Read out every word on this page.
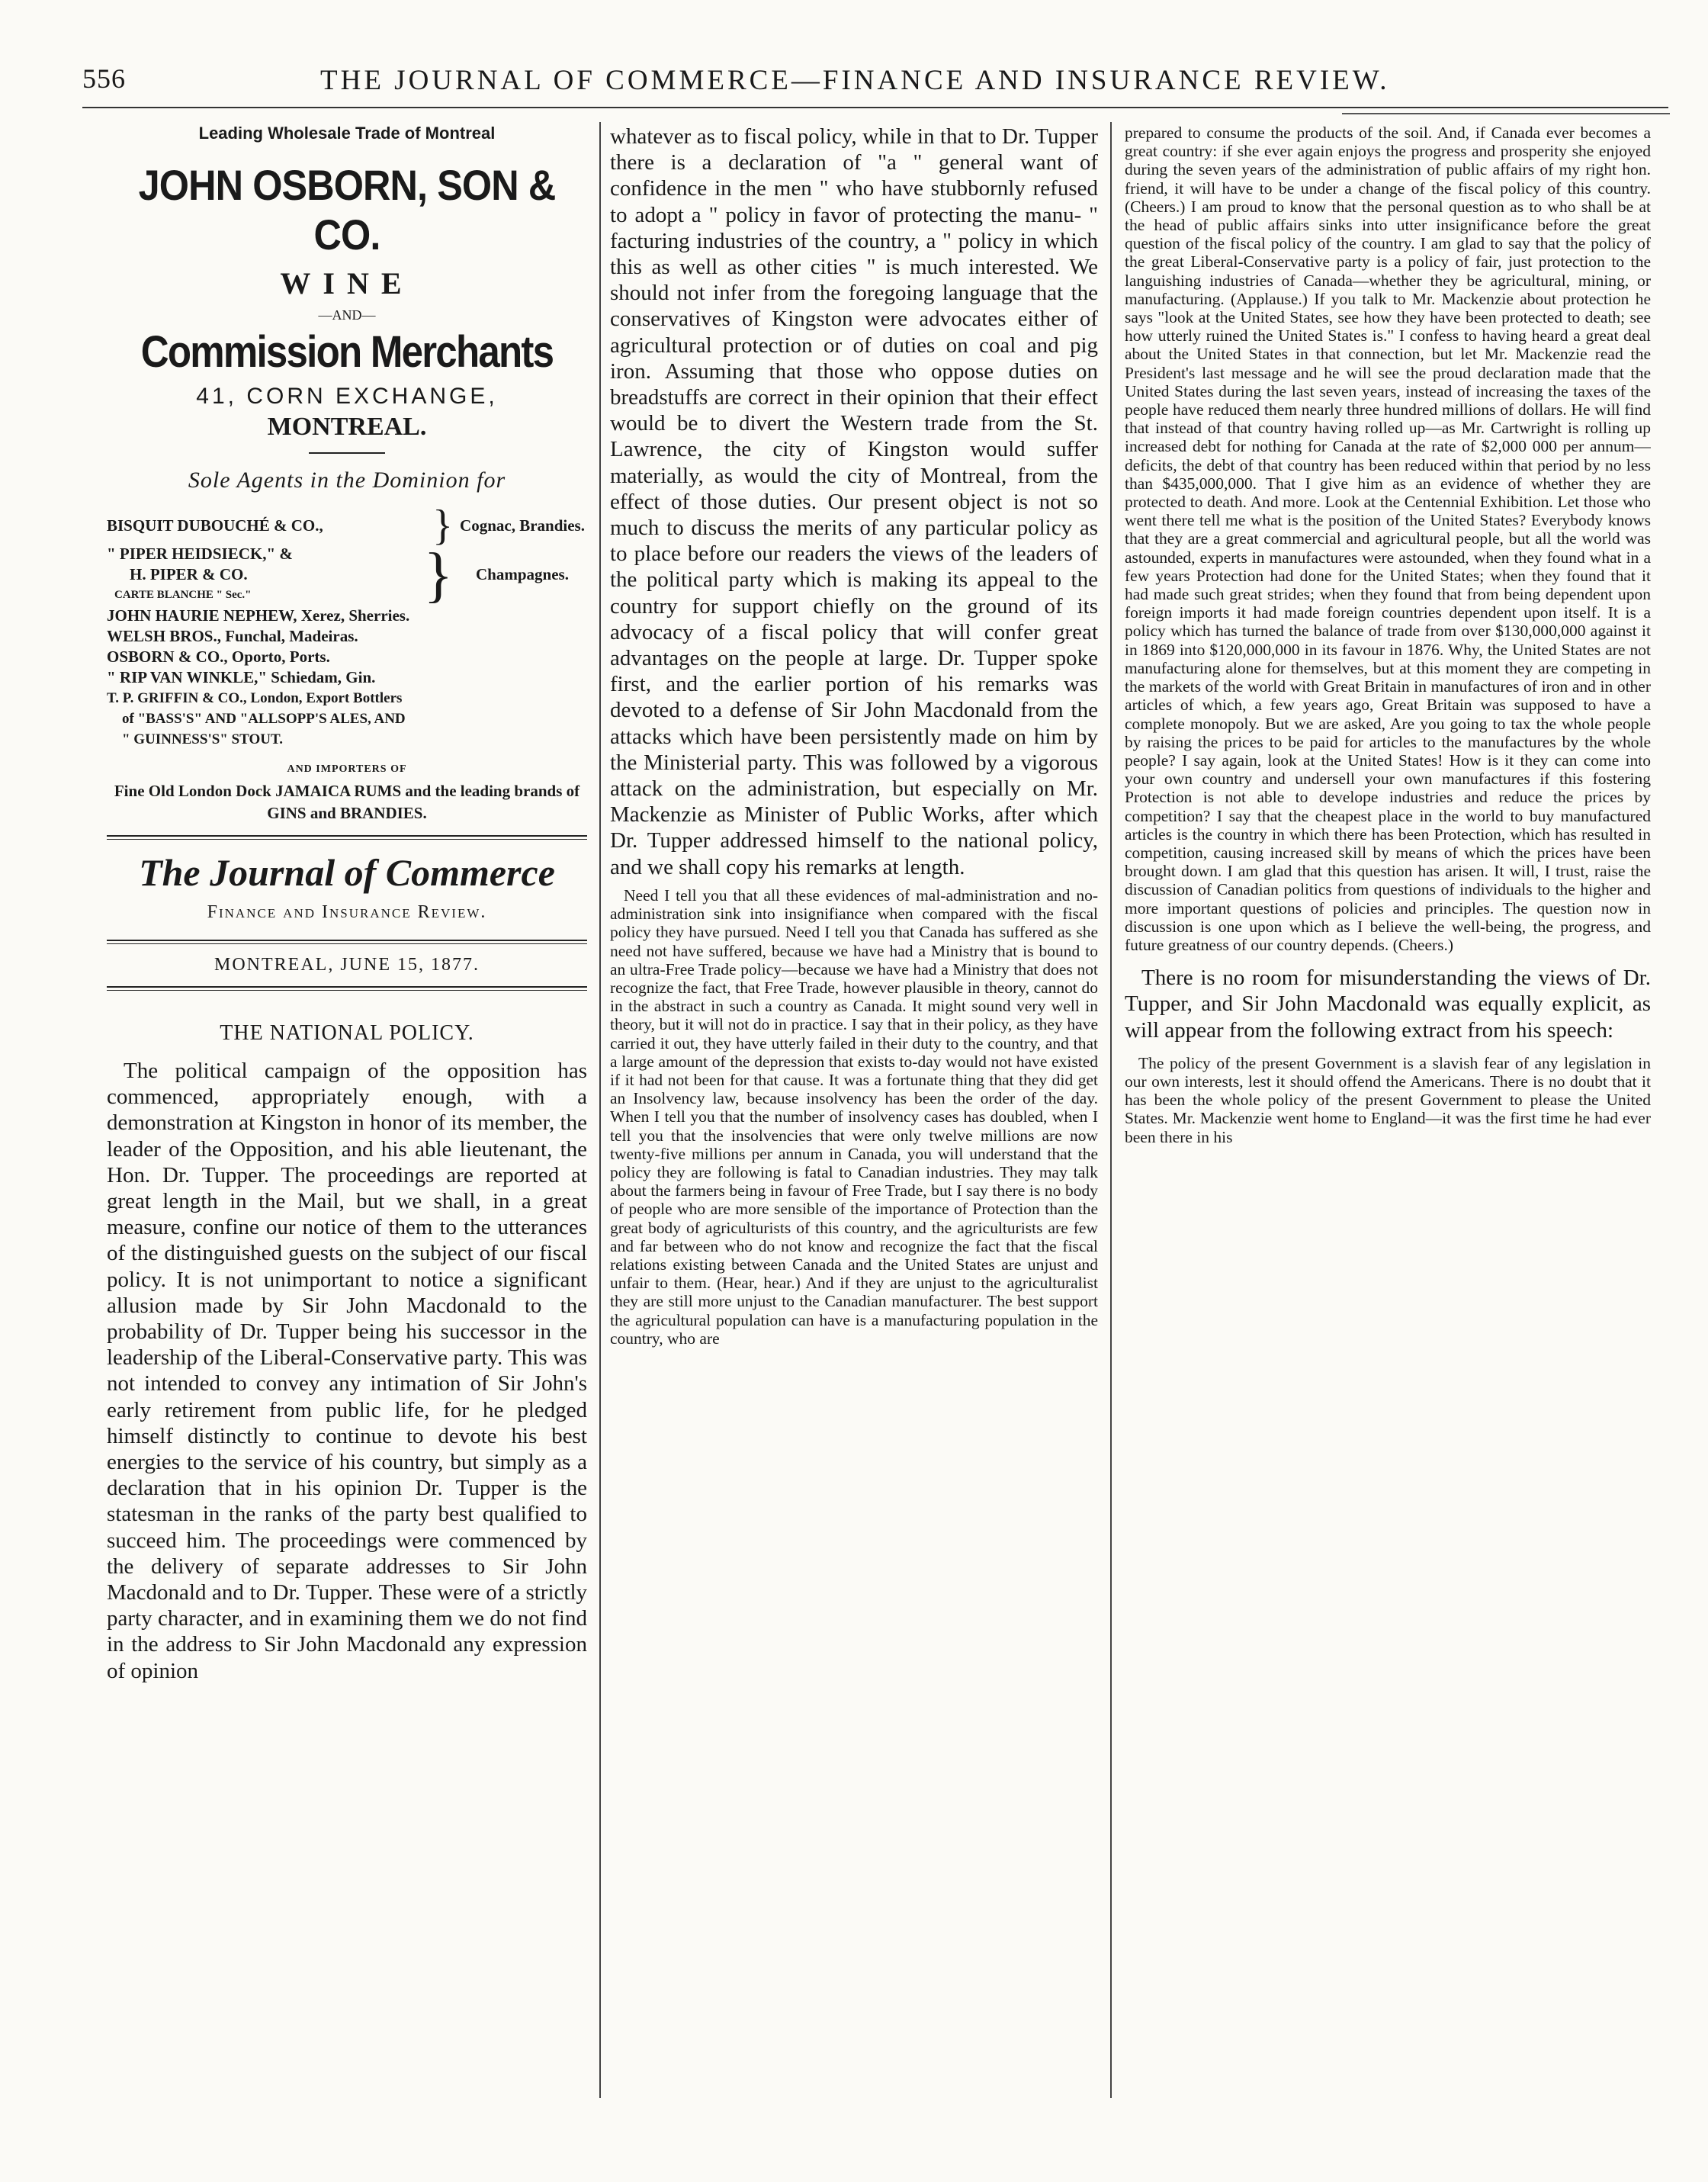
556	THE JOURNAL OF COMMERCE—FINANCE AND INSURANCE REVIEW.
Leading Wholesale Trade of Montreal
JOHN OSBORN, SON & CO.
WINE
—AND—
Commission Merchants
41, CORN EXCHANGE,
MONTREAL.
Sole Agents in the Dominion for
BISQUIT DUBOUCHÉ & CO.,	} Cognac, Brandies.
" PIPER HEIDSIECK," &
H. PIPER & CO.
CARTE BLANCHE " Sec."	}	Champagnes.
JOHN HAURIE NEPHEW, Xerez, Sherries.
WELSH BROS., Funchal, Madeiras.
OSBORN & CO., Oporto, Ports.
" RIP VAN WINKLE," Schiedam, Gin.
T. P. GRIFFIN & CO., London, Export Bottlers
of "BASS'S" AND "ALLSOPP'S ALES, AND
" GUINNESS'S" STOUT.
AND IMPORTERS OF
Fine Old London Dock JAMAICA RUMS and the leading brands of GINS and BRANDIES.
The Journal of Commerce
Finance and Insurance Review.
MONTREAL, JUNE 15, 1877.
THE NATIONAL POLICY.

The political campaign of the opposition has commenced, appropriately enough, with a demonstration at Kingston in honor of its member, the leader of the Opposition, and his able lieutenant, the Hon. Dr. Tupper. The proceedings are reported at great length in the Mail, but we shall, in a great measure, confine our notice of them to the utterances of the distinguished guests on the subject of our fiscal policy. It is not unimportant to notice a significant allusion made by Sir John Macdonald to the probability of Dr. Tupper being his successor in the leadership of the Liberal-Conservative party. This was not intended to convey any intimation of Sir John's early retirement from public life, for he pledged himself distinctly to continue to devote his best energies to the service of his country, but simply as a declaration that in his opinion Dr. Tupper is the statesman in the ranks of the party best qualified to succeed him. The proceedings were commenced by the delivery of separate addresses to Sir John Macdonald and to Dr. Tupper. These were of a strictly party character, and in examining them we do not find in the address to Sir John Macdonald any expression of opinion

whatever as to fiscal policy, while in that to Dr. Tupper there is a declaration of "a " general want of confidence in the men " who have stubbornly refused to adopt a " policy in favor of protecting the manu- " facturing industries of the country, a " policy in which this as well as other cities " is much interested. We should not infer from the foregoing language that the conservatives of Kingston were advocates either of agricultural protection or of duties on coal and pig iron. Assuming that those who oppose duties on breadstuffs are correct in their opinion that their effect would be to divert the Western trade from the St. Lawrence, the city of Kingston would suffer materially, as would the city of Montreal, from the effect of those duties. Our present object is not so much to discuss the merits of any particular policy as to place before our readers the views of the leaders of the political party which is making its appeal to the country for support chiefly on the ground of its advocacy of a fiscal policy that will confer great advantages on the people at large. Dr. Tupper spoke first, and the earlier portion of his remarks was devoted to a defense of Sir John Macdonald from the attacks which have been persistently made on him by the Ministerial party. This was followed by a vigorous attack on the administration, but especially on Mr. Mackenzie as Minister of Public Works, after which Dr. Tupper addressed himself to the national policy, and we shall copy his remarks at length.

Need I tell you that all these evidences of mal-administration and no-administration sink into insignifiance when compared with the fiscal policy they have pursued. Need I tell you that Canada has suffered as she need not have suffered, because we have had a Ministry that is bound to an ultra-Free Trade policy—because we have had a Ministry that does not recognize the fact, that Free Trade, however plausible in theory, cannot do in the abstract in such a country as Canada. It might sound very well in theory, but it will not do in practice. I say that in their policy, as they have carried it out, they have utterly failed in their duty to the country, and that a large amount of the depression that exists to-day would not have existed if it had not been for that cause. It was a fortunate thing that they did get an Insolvency law, because insolvency has been the order of the day. When I tell you that the number of insolvency cases has doubled, when I tell you that the insolvencies that were only twelve millions are now twenty-five millions per annum in Canada, you will understand that the policy they are following is fatal to Canadian industries. They may talk about the farmers being in favour of Free Trade, but I say there is no body of people who are more sensible of the importance of Protection than the great body of agriculturists of this country, and the agriculturists are few and far between who do not know and recognize the fact that the fiscal relations existing between Canada and the United States are unjust and unfair to them. (Hear, hear.) And if they are unjust to the agriculturalist they are still more unjust to the Canadian manufacturer. The best support the agricultural population can have is a manufacturing population in the country, who are

prepared to consume the products of the soil. And, if Canada ever becomes a great country: if she ever again enjoys the progress and prosperity she enjoyed during the seven years of the administration of public affairs of my right hon. friend, it will have to be under a change of the fiscal policy of this country. (Cheers.) I am proud to know that the personal question as to who shall be at the head of public affairs sinks into utter insignificance before the great question of the fiscal policy of the country. I am glad to say that the policy of the great Liberal-Conservative party is a policy of fair, just protection to the languishing industries of Canada—whether they be agricultural, mining, or manufacturing. (Applause.) If you talk to Mr. Mackenzie about protection he says "look at the United States, see how they have been protected to death; see how utterly ruined the United States is." I confess to having heard a great deal about the United States in that connection, but let Mr. Mackenzie read the President's last message and he will see the proud declaration made that the United States during the last seven years, instead of increasing the taxes of the people have reduced them nearly three hundred millions of dollars. He will find that instead of that country having rolled up—as Mr. Cartwright is rolling up increased debt for nothing for Canada at the rate of $2,000 000 per annum—deficits, the debt of that country has been reduced within that period by no less than $435,000,000. That I give him as an evidence of whether they are protected to death. And more. Look at the Centennial Exhibition. Let those who went there tell me what is the position of the United States? Everybody knows that they are a great commercial and agricultural people, but all the world was astounded, experts in manufactures were astounded, when they found what in a few years Protection had done for the United States; when they found that it had made such great strides; when they found that from being dependent upon foreign imports it had made foreign countries dependent upon itself. It is a policy which has turned the balance of trade from over $130,000,000 against it in 1869 into $120,000,000 in its favour in 1876. Why, the United States are not manufacturing alone for themselves, but at this moment they are competing in the markets of the world with Great Britain in manufactures of iron and in other articles of which, a few years ago, Great Britain was supposed to have a complete monopoly. But we are asked, Are you going to tax the whole people by raising the prices to be paid for articles to the manufactures by the whole people? I say again, look at the United States! How is it they can come into your own country and undersell your own manufactures if this fostering Protection is not able to develope industries and reduce the prices by competition? I say that the cheapest place in the world to buy manufactured articles is the country in which there has been Protection, which has resulted in competition, causing increased skill by means of which the prices have been brought down. I am glad that this question has arisen. It will, I trust, raise the discussion of Canadian politics from questions of individuals to the higher and more important questions of policies and principles. The question now in discussion is one upon which as I believe the well-being, the progress, and future greatness of our country depends. (Cheers.)

There is no room for misunderstanding the views of Dr. Tupper, and Sir John Macdonald was equally explicit, as will appear from the following extract from his speech:

The policy of the present Government is a slavish fear of any legislation in our own interests, lest it should offend the Americans. There is no doubt that it has been the whole policy of the present Government to please the United States. Mr. Mackenzie went home to England—it was the first time he had ever been there in his
